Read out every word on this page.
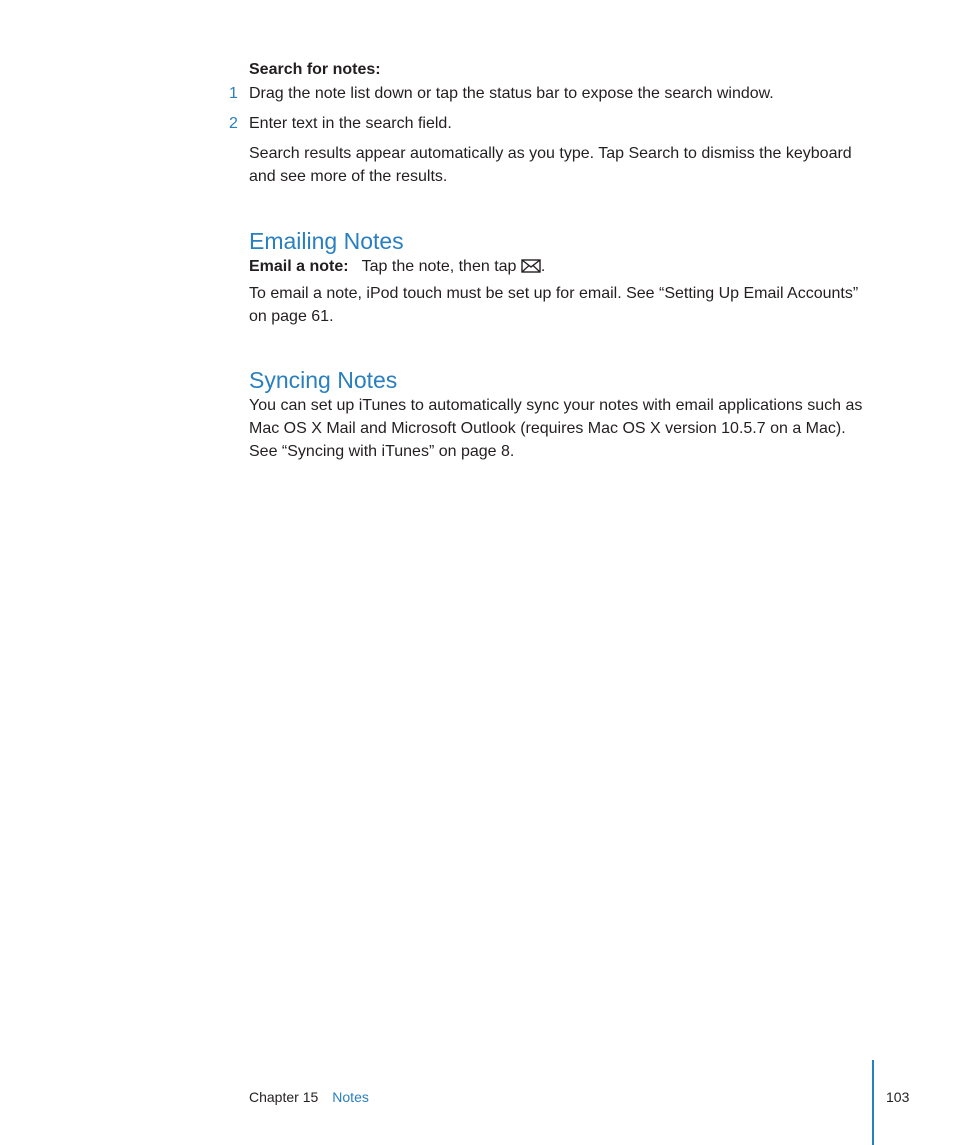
Search for notes:

1 Drag the note list down or tap the status bar to expose the search window.
2 Enter text in the search field.

Search results appear automatically as you type. Tap Search to dismiss the keyboard and see more of the results.

Emailing Notes

Email a note: Tap the note, then tap .

To email a note, iPod touch must be set up for email. See “Setting Up Email Accounts” on page 61.

Syncing Notes

You can set up iTunes to automatically sync your notes with email applications such as Mac OS X Mail and Microsoft Outlook (requires Mac OS X version 10.5.7 on a Mac). See “Syncing with iTunes” on page 8.

Chapter 15 Notes	103
